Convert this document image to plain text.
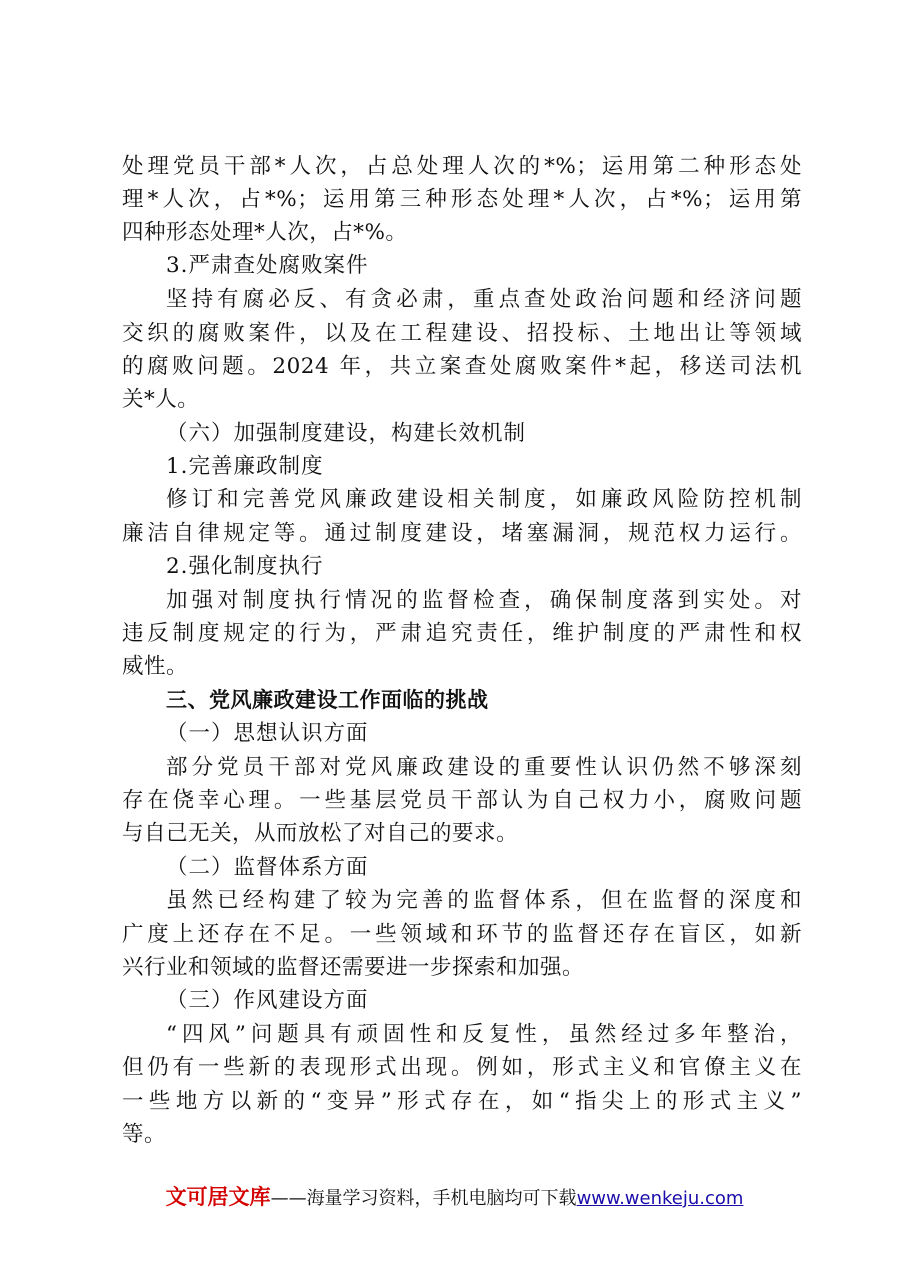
处理党员干部*人次，占总处理人次的*%；运用第二种形态处
理*人次，占*%；运用第三种形态处理*人次，占*%；运用第
四种形态处理*人次，占*%。
3.严肃查处腐败案件
坚持有腐必反、有贪必肃，重点查处政治问题和经济问题
交织的腐败案件，以及在工程建设、招投标、土地出让等领域
的腐败问题。2024 年，共立案查处腐败案件*起，移送司法机
关*人。
（六）加强制度建设，构建长效机制
1.完善廉政制度
修订和完善党风廉政建设相关制度，如廉政风险防控机制
廉洁自律规定等。通过制度建设，堵塞漏洞，规范权力运行。
2.强化制度执行
加强对制度执行情况的监督检查，确保制度落到实处。对
违反制度规定的行为，严肃追究责任，维护制度的严肃性和权
威性。
三、党风廉政建设工作面临的挑战
（一）思想认识方面
部分党员干部对党风廉政建设的重要性认识仍然不够深刻
存在侥幸心理。一些基层党员干部认为自己权力小，腐败问题
与自己无关，从而放松了对自己的要求。
（二）监督体系方面
虽然已经构建了较为完善的监督体系，但在监督的深度和
广度上还存在不足。一些领域和环节的监督还存在盲区，如新
兴行业和领域的监督还需要进一步探索和加强。
（三）作风建设方面
“四风”问题具有顽固性和反复性，虽然经过多年整治，
但仍有一些新的表现形式出现。例如，形式主义和官僚主义在
一些地方以新的“变异”形式存在，如“指尖上的形式主义”
等。
文可居文库——海量学习资料，手机电脑均可下载www.wenkeju.com
